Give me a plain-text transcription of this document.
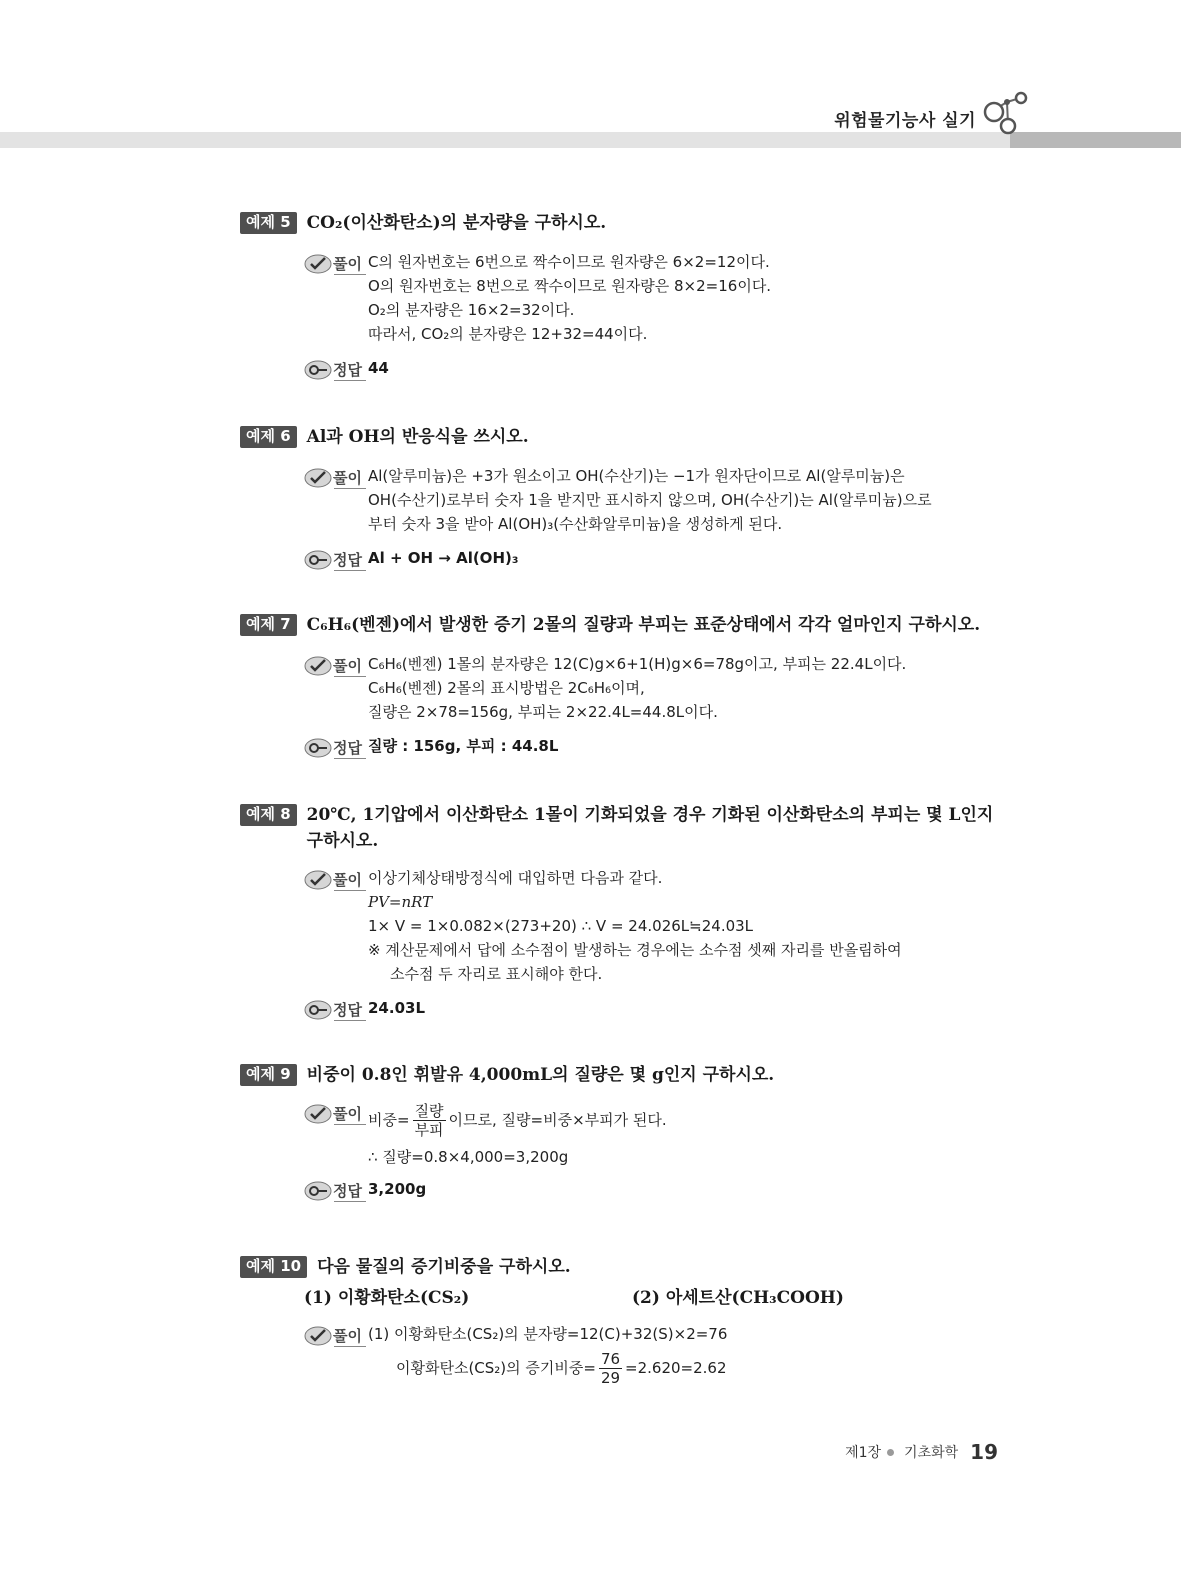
위험물기능사 실기
예제 5 CO₂(이산화탄소)의 분자량을 구하시오.
풀이 C의 원자번호는 6번으로 짝수이므로 원자량은 6×2=12이다.

O의 원자번호는 8번으로 짝수이므로 원자량은 8×2=16이다.

O₂의 분자량은 16×2=32이다.

따라서, CO₂의 분자량은 12+32=44이다.

정답 44
예제 6 Al과 OH의 반응식을 쓰시오.
풀이 Al(알루미늄)은 +3가 원소이고 OH(수산기)는 −1가 원자단이므로 Al(알루미늄)은

OH(수산기)로부터 숫자 1을 받지만 표시하지 않으며, OH(수산기)는 Al(알루미늄)으로

부터 숫자 3을 받아 Al(OH)₃(수산화알루미늄)을 생성하게 된다.

정답 Al + OH → Al(OH)₃
예제 7 C₆H₆(벤젠)에서 발생한 증기 2몰의 질량과 부피는 표준상태에서 각각 얼마인지 구하시오.
풀이 C₆H₆(벤젠) 1몰의 분자량은 12(C)g×6+1(H)g×6=78g이고, 부피는 22.4L이다.

C₆H₆(벤젠) 2몰의 표시방법은 2C₆H₆이며,

질량은 2×78=156g, 부피는 2×22.4L=44.8L이다.

정답 질량 : 156g, 부피 : 44.8L
예제 8 20℃, 1기압에서 이산화탄소 1몰이 기화되었을 경우 기화된 이산화탄소의 부피는 몇 L인지 구하시오.
풀이 이상기체상태방정식에 대입하면 다음과 같다.

PV=nRT

1× V = 1×0.082×(273+20) ∴ V = 24.026L≒24.03L

※ 계산문제에서 답에 소수점이 발생하는 경우에는 소수점 셋째 자리를 반올림하여

소수점 두 자리로 표시해야 한다.

정답 24.03L
예제 9 비중이 0.8인 휘발유 4,000mL의 질량은 몇 g인지 구하시오.
풀이 비중= $\frac{\text{질량}}{\text{부피}}$ 이므로, 질량=비중×부피가 된다.

∴ 질량=0.8×4,000=3,200g

정답 3,200g
예제 10 다음 물질의 증기비중을 구하시오.
(1) 이황화탄소(CS₂)	(2) 아세트산(CH₃COOH)
풀이 (1) 이황화탄소(CS₂)의 분자량=12(C)+32(S)×2=76

이황화탄소(CS₂)의 증기비중= $\frac{76}{29} =2.620=2.62$

제1장 기초화학 19
